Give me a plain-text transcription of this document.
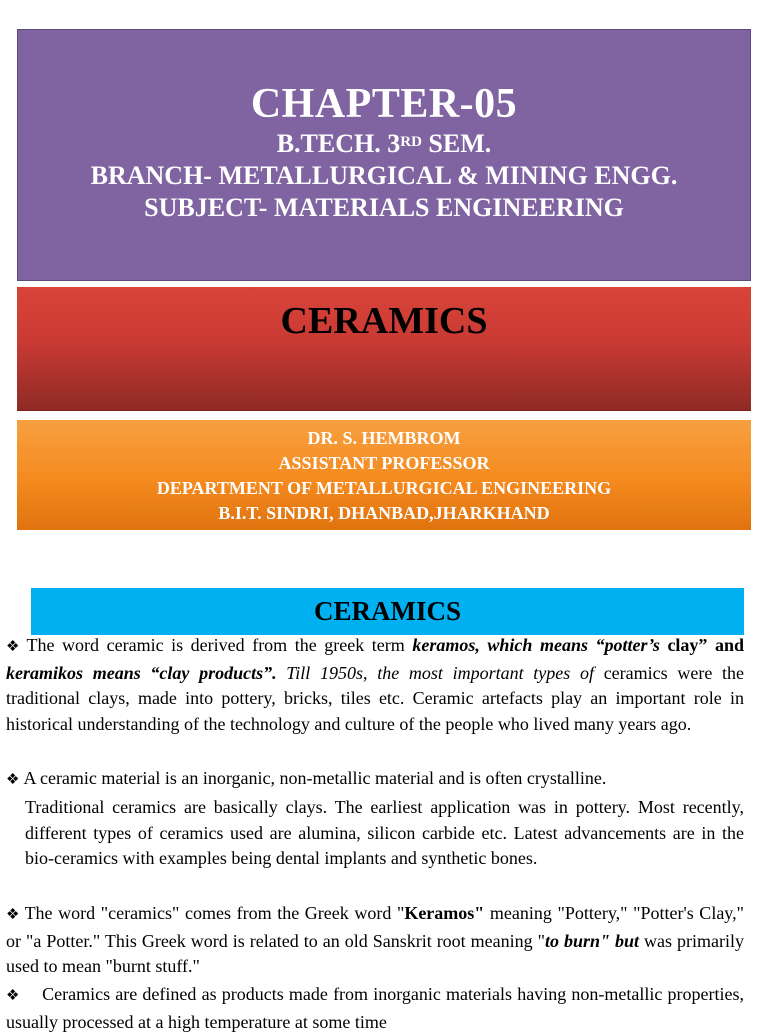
CHAPTER-05
B.TECH. 3RD SEM.
BRANCH- METALLURGICAL & MINING ENGG.
SUBJECT- MATERIALS ENGINEERING
CERAMICS
DR. S. HEMBROM
ASSISTANT PROFESSOR
DEPARTMENT OF METALLURGICAL ENGINEERING
B.I.T. SINDRI, DHANBAD,JHARKHAND
CERAMICS
❖ The word ceramic is derived from the greek term keramos, which means “potter’s clay” and keramikos means “clay products”. Till 1950s, the most important types of ceramics were the traditional clays, made into pottery, bricks, tiles etc. Ceramic artefacts play an important role in historical understanding of the technology and culture of the people who lived many years ago.
❖ A ceramic material is an inorganic, non-metallic material and is often crystalline.
Traditional ceramics are basically clays. The earliest application was in pottery. Most recently, different types of ceramics used are alumina, silicon carbide etc. Latest advancements are in the bio-ceramics with examples being dental implants and synthetic bones.
❖ The word "ceramics" comes from the Greek word "Keramos" meaning "Pottery," "Potter's Clay," or "a Potter." This Greek word is related to an old Sanskrit root meaning "to burn" but was primarily used to mean "burnt stuff."
❖ Ceramics are defined as products made from inorganic materials having non-metallic properties, usually processed at a high temperature at some time
